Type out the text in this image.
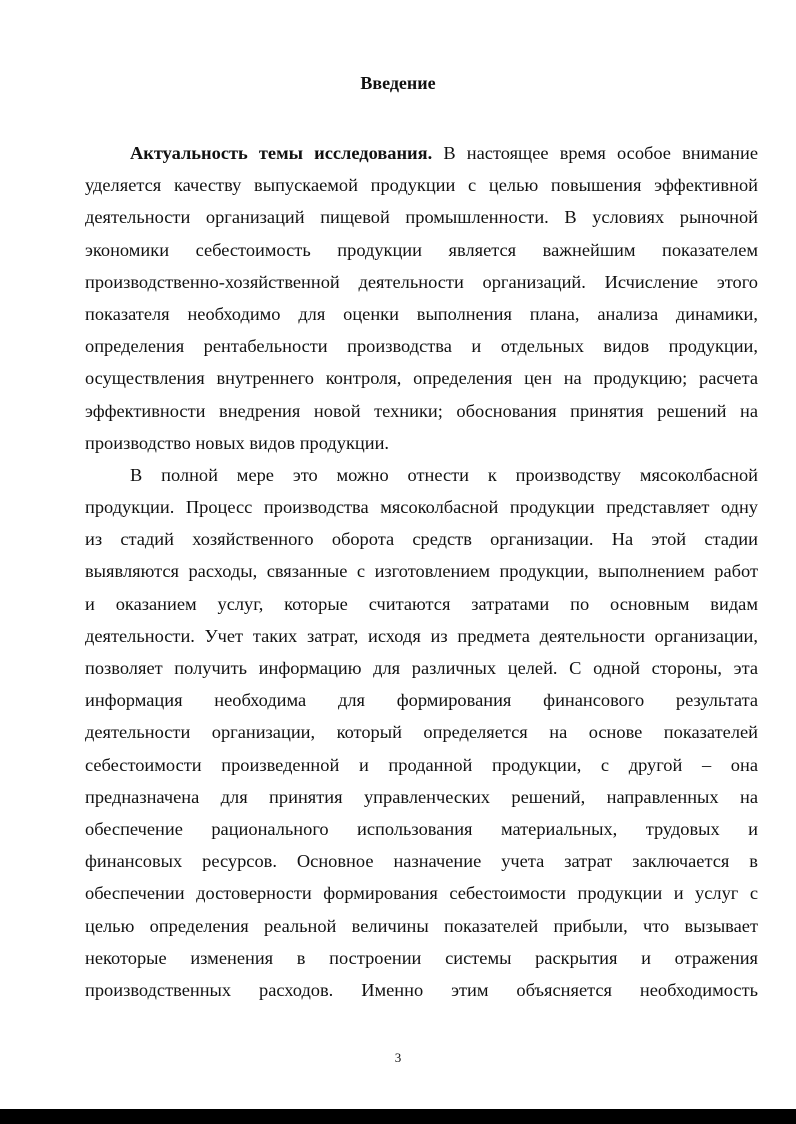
Введение
Актуальность темы исследования. В настоящее время особое внимание
уделяется качеству выпускаемой продукции с целью повышения эффективной
деятельности организаций пищевой промышленности. В условиях рыночной
экономики себестоимость продукции является важнейшим показателем
производственно-хозяйственной деятельности организаций. Исчисление этого
показателя необходимо для оценки выполнения плана, анализа динамики,
определения рентабельности производства и отдельных видов продукции,
осуществления внутреннего контроля, определения цен на продукцию; расчета
эффективности внедрения новой техники; обоснования принятия решений на
производство новых видов продукции.
В полной мере это можно отнести к производству мясоколбасной
продукции. Процесс производства мясоколбасной продукции представляет одну
из стадий хозяйственного оборота средств организации. На этой стадии
выявляются расходы, связанные с изготовлением продукции, выполнением работ
и оказанием услуг, которые считаются затратами по основным видам
деятельности. Учет таких затрат, исходя из предмета деятельности организации,
позволяет получить информацию для различных целей. С одной стороны, эта
информация необходима для формирования финансового результата
деятельности организации, который определяется на основе показателей
себестоимости произведенной и проданной продукции, с другой – она
предназначена для принятия управленческих решений, направленных на
обеспечение рационального использования материальных, трудовых и
финансовых ресурсов. Основное назначение учета затрат заключается в
обеспечении достоверности формирования себестоимости продукции и услуг с
целью определения реальной величины показателей прибыли, что вызывает
некоторые изменения в построении системы раскрытия и отражения
производственных расходов. Именно этим объясняется необходимость
3
